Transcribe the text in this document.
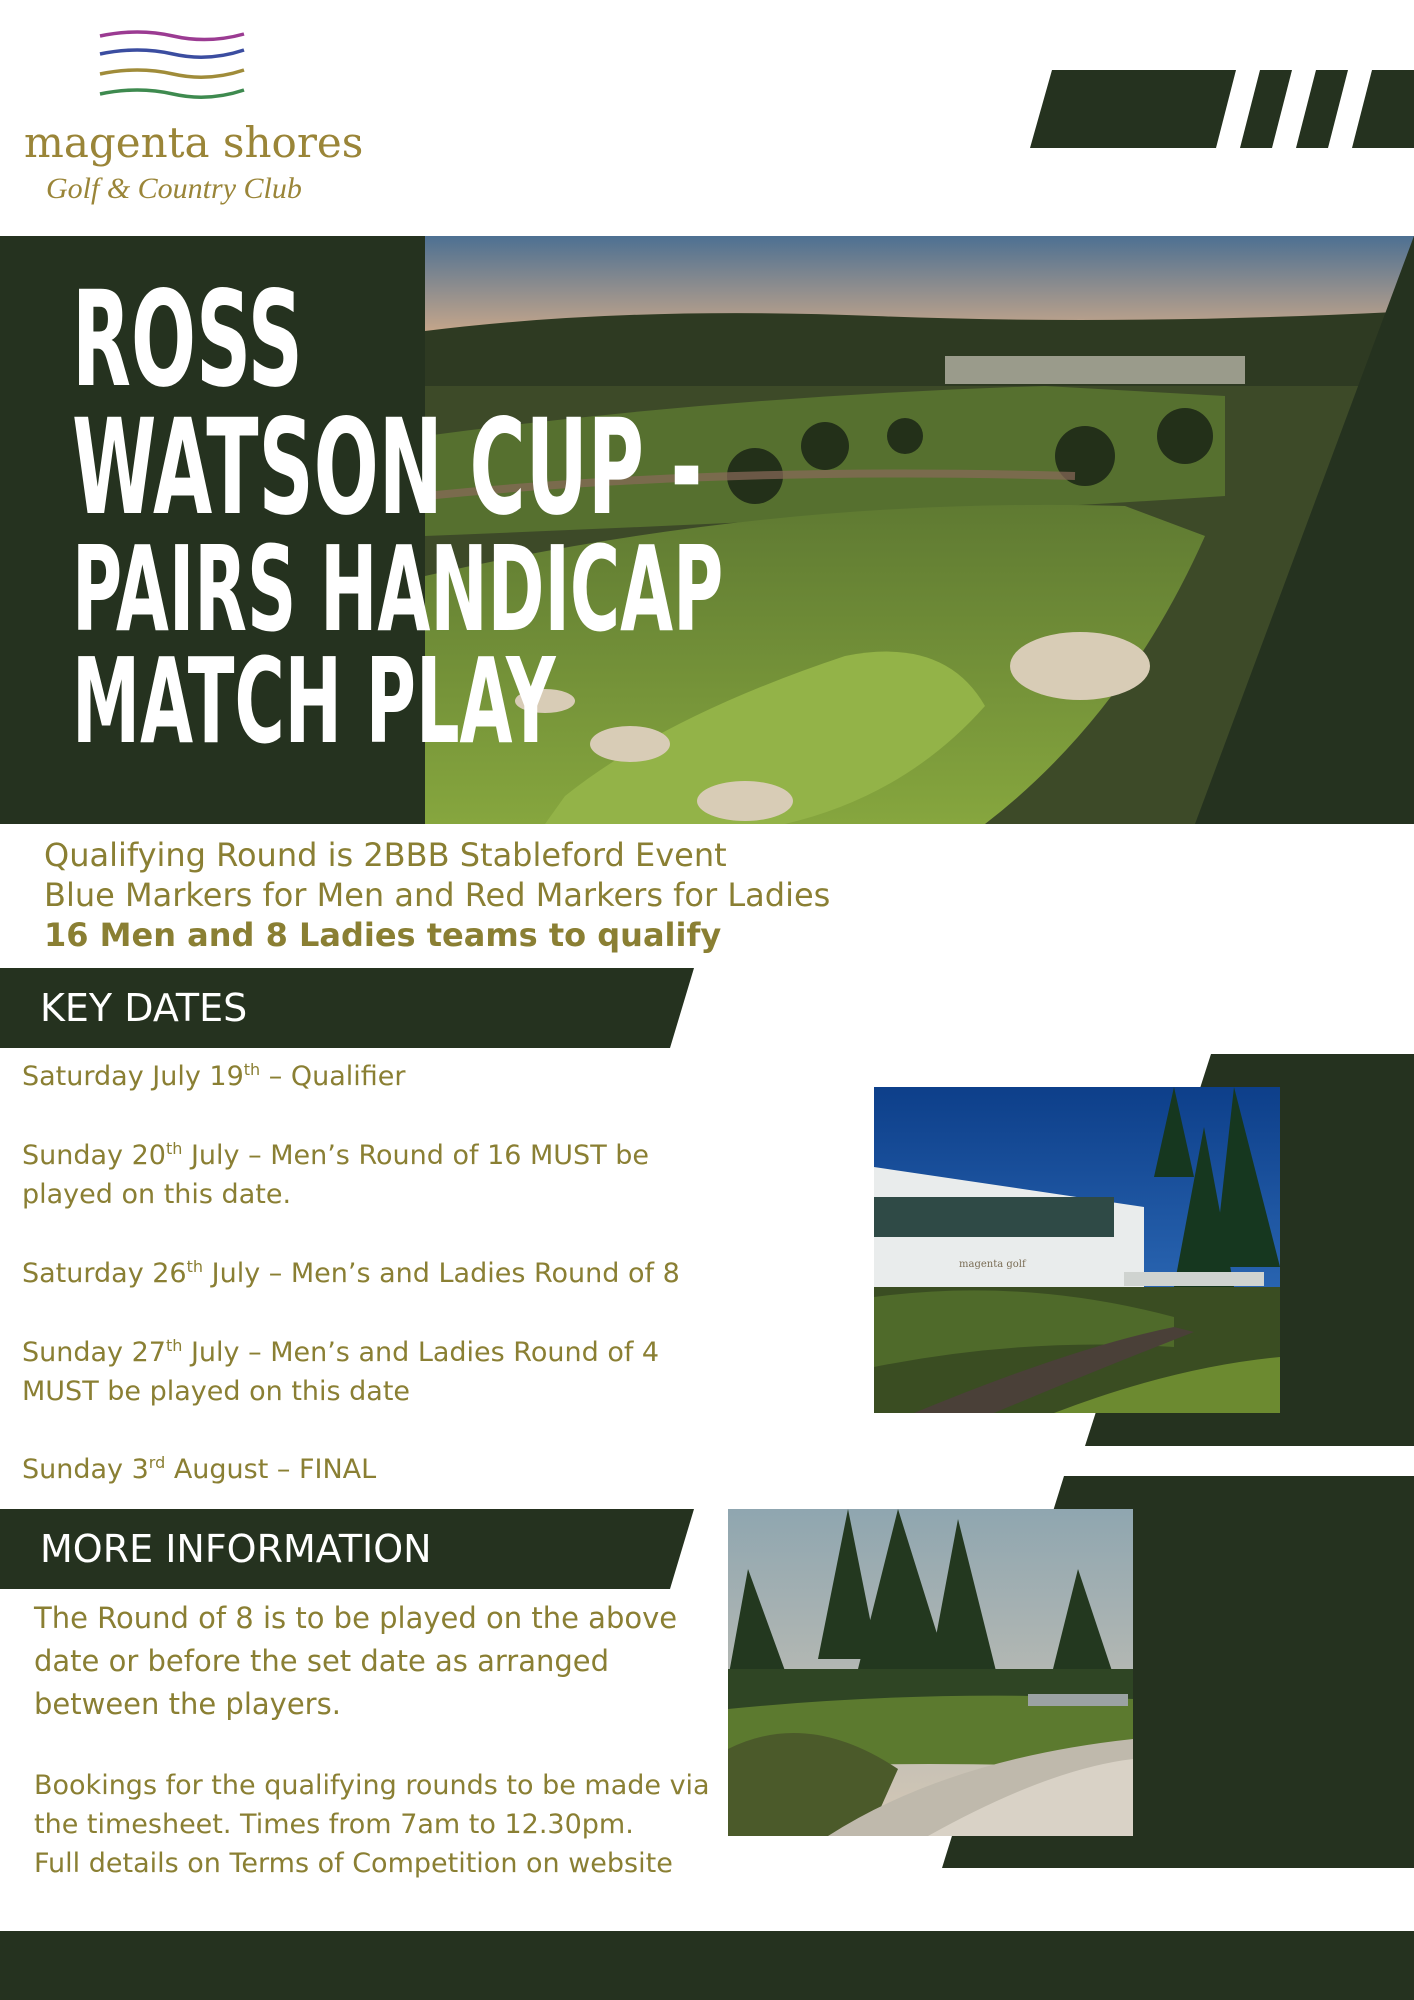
magenta shores
Golf & Country Club
ROSS
WATSON CUP -
PAIRS HANDICAP
MATCH PLAY
Qualifying Round is 2BBB Stableford Event
Blue Markers for Men and Red Markers for Ladies
16 Men and 8 Ladies teams to qualify
KEY DATES
Saturday July 19th – Qualifier
Sunday 20th July – Men’s Round of 16 MUST be
played on this date.
Saturday 26th July – Men’s and Ladies Round of 8
Sunday 27th July – Men’s and Ladies Round of 4
MUST be played on this date
Sunday 3rd August – FINAL
magenta golf
MORE INFORMATION
The Round of 8 is to be played on the above
date or before the set date as arranged
between the players.
Bookings for the qualifying rounds to be made via
the timesheet. Times from 7am to 12.30pm.
Full details on Terms of Competition on website
